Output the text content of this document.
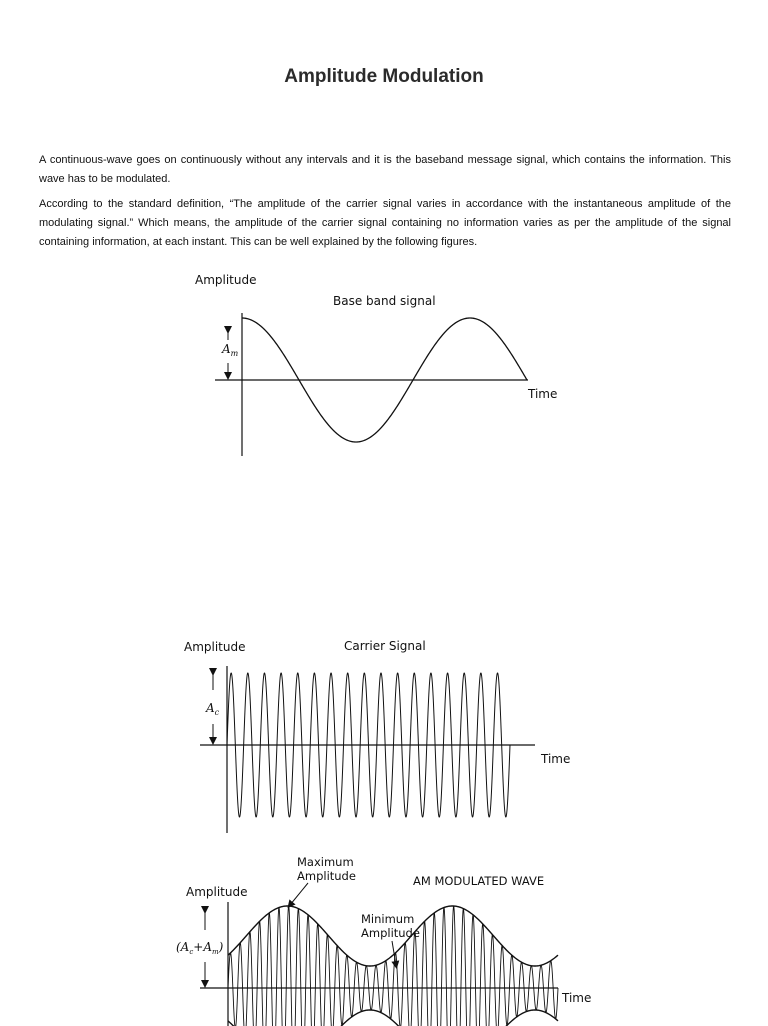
Amplitude Modulation

A continuous-wave goes on continuously without any intervals and it is the baseband message signal, which contains the information. This wave has to be modulated.

According to the standard definition, “The amplitude of the carrier signal varies in accordance with the instantaneous amplitude of the modulating signal.” Which means, the amplitude of the carrier signal containing no information varies as per the amplitude of the signal containing information, at each instant. This can be well explained by the following figures.

Amplitude
Base band signal
$A_m$
Time
Amplitude	Carrier Signal
$A_c$
Time
Amplitude
Maximum
Amplitude	AM MODULATED WAVE
Minimum
Amplitude
$(A_c+A_m)$
Time
